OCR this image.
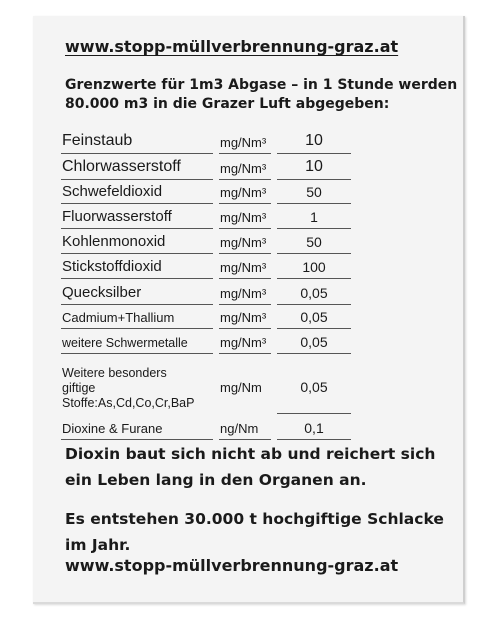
www.stopp-müllverbrennung-graz.at
Grenzwerte für 1m3 Abgase – in 1 Stunde werden
80.000 m3 in die Grazer Luft abgegeben:
Feinstaub	mg/Nm³	10
Chlorwasserstoff	mg/Nm³	10
Schwefeldioxid	mg/Nm³	50
Fluorwasserstoff	mg/Nm³	1
Kohlenmonoxid	mg/Nm³	50
Stickstoffdioxid	mg/Nm³	100
Quecksilber	mg/Nm³	0,05
Cadmium+Thallium	mg/Nm³	0,05
weitere Schwermetalle mg/Nm³	0,05
Weitere besonders
giftige
Stoffe:As,Cd,Co,Cr,BaP
mg/Nm	0,05
Dioxine & Furane	ng/Nm	0,1
Dioxin baut sich nicht ab und reichert sich
ein Leben lang in den Organen an.
Es entstehen 30.000 t hochgiftige Schlacke
im Jahr.
www.stopp-müllverbrennung-graz.at
